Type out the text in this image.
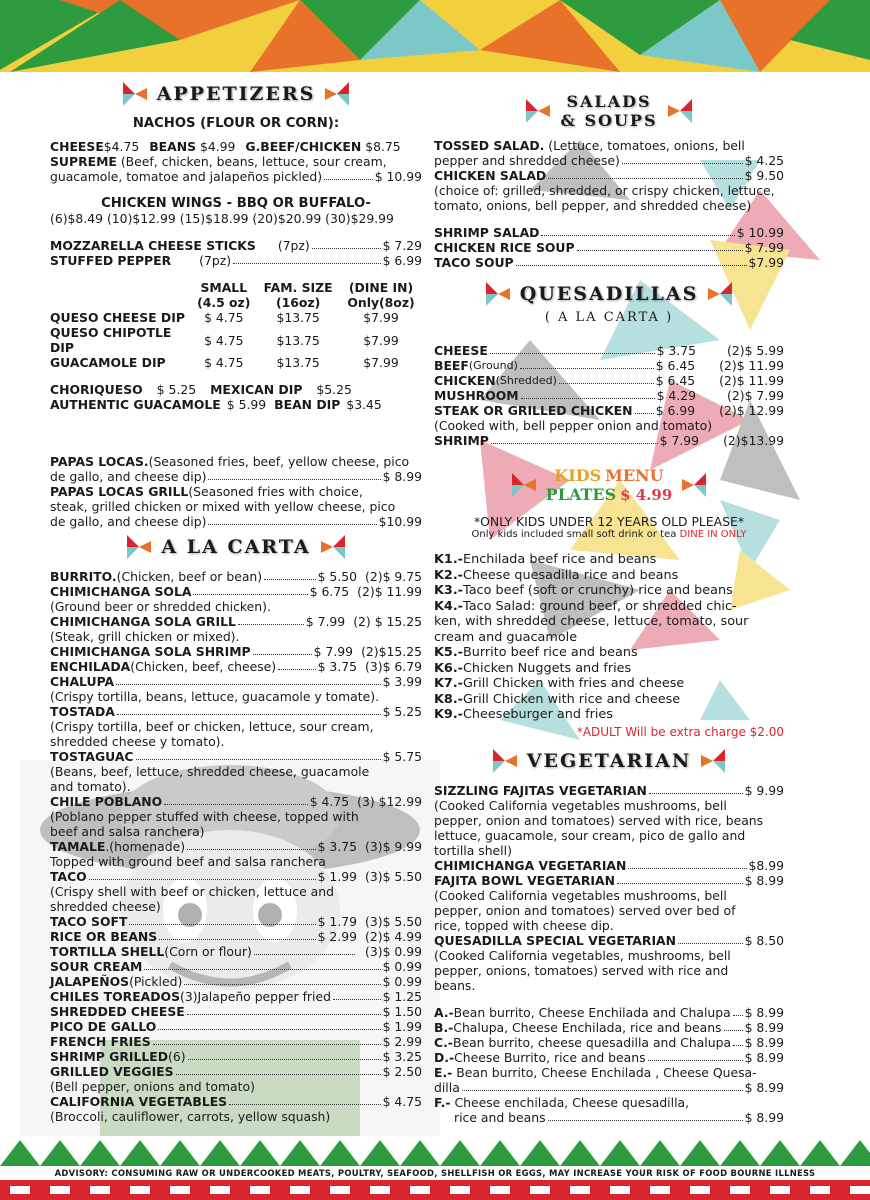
APPETIZERS
NACHOS (FLOUR OR CORN):
CHEESE$4.75 BEANS $4.99 G.BEEF/CHICKEN $8.75
SUPREME (Beef, chicken, beans, lettuce, sour cream,
guacamole, tomatoe and jalapeños pickled)	$ 10.99
CHICKEN WINGS - BBQ OR BUFFALO-
(6)$8.49 (10)$12.99 (15)$18.99 (20)$20.99 (30)$29.99
MOZZARELLA CHEESE STICKS (7pz)	$ 7.29
STUFFED PEPPER (7pz)	$ 6.99
	SMALL	FAM. SIZE	(DINE IN)
	(4.5 oz)	(16oz)	Only(8oz)
QUESO CHEESE DIP	$ 4.75	$13.75	$7.99
QUESO CHIPOTLE DIP	$ 4.75	$13.75	$7.99
GUACAMOLE DIP	$ 4.75	$13.75	$7.99
CHORIQUESO $ 5.25 MEXICAN DIP $5.25
AUTHENTIC GUACAMOLE $ 5.99 BEAN DIP $3.45
PAPAS LOCAS.(Seasoned fries, beef, yellow cheese, pico
de gallo, and cheese dip)	$ 8.99
PAPAS LOCAS GRILL(Seasoned fries with choice,
steak, grilled chicken or mixed with yellow cheese, pico
de gallo, and cheese dip)	$10.99
A LA CARTA
BURRITO. (Chicken, beef or bean)	$ 5.50 (2)$ 9.75
CHIMICHANGA SOLA	$ 6.75 (2)$ 11.99
(Ground beer or shredded chicken).
CHIMICHANGA SOLA GRILL	$ 7.99 (2) $ 15.25
(Steak, grill chicken or mixed).
CHIMICHANGA SOLA SHRIMP	$ 7.99 (2)$15.25
ENCHILADA (Chicken, beef, cheese)	$ 3.75 (3)$ 6.79
CHALUPA	$ 3.99
(Crispy tortilla, beans, lettuce, guacamole y tomate).
TOSTADA	$ 5.25
(Crispy tortilla, beef or chicken, lettuce, sour cream,
shredded cheese y tomato).
TOSTAGUAC	$ 5.75
(Beans, beef, lettuce, shredded cheese, guacamole
and tomato).
CHILE POBLANO	$ 4.75 (3) $12.99
(Poblano pepper stuffed with cheese, topped with
beef and salsa ranchera)
TAMALE .(homenade)	$ 3.75 (3)$ 9.99
Topped with ground beef and salsa ranchera
TACO	$ 1.99 (3)$ 5.50
(Crispy shell with beef or chicken, lettuce and
shredded cheese)
TACO SOFT	$ 1.79 (3)$ 5.50
RICE OR BEANS	$ 2.99 (2)$ 4.99
TORTILLA SHELL (Corn or flour)	(3)$ 0.99
SOUR CREAM	$ 0.99
JALAPEÑOS (Pickled)	$ 0.99
CHILES TOREADOS (3)Jalapeño pepper fried	$ 1.25
SHREDDED CHEESE	$ 1.50
PICO DE GALLO	$ 1.99
FRENCH FRIES	$ 2.99
SHRIMP GRILLED (6)	$ 3.25
GRILLED VEGGIES	$ 2.50
(Bell pepper, onions and tomato)
CALIFORNIA VEGETABLES	$ 4.75
(Broccoli, cauliflower, carrots, yellow squash)
SALADS
& SOUPS
TOSSED SALAD. (Lettuce, tomatoes, onions, bell
pepper and shredded cheese)	$ 4.25
CHICKEN SALAD	$ 9.50
(choice of: grilled, shredded, or crispy chicken, lettuce,
tomato, onions, bell pepper, and shredded cheese)
SHRIMP SALAD	$ 10.99
CHICKEN RICE SOUP	$ 7.99
TACO SOUP	$7.99
QUESADILLAS
( A LA CARTA )
CHEESE	$ 3.75	(2)$ 5.99
BEEF (Ground)	$ 6.45 (2)$ 11.99
CHICKEN (Shredded)	$ 6.45 (2)$ 11.99
MUSHROOM	$ 4.29	(2)$ 7.99
STEAK OR GRILLED CHICKEN $ 6.99 (2)$ 12.99
(Cooked with, bell pepper onion and tomato)
SHRIMP	$ 7.99 (2)$13.99
KIDS MENU
PLATES $ 4.99
*ONLY KIDS UNDER 12 YEARS OLD PLEASE*
Only kids included small soft drink or tea DINE IN ONLY
K1.-Enchilada beef rice and beans
K2.-Cheese quesadilla rice and beans
K3.-Taco beef (soft or crunchy) rice and beans
K4.-Taco Salad: ground beef, or shredded chic-
ken, with shredded cheese, lettuce, tomato, sour
cream and guacamole
K5.-Burrito beef rice and beans
K6.-Chicken Nuggets and fries
K7.-Grill Chicken with fries and cheese
K8.-Grill Chicken with rice and cheese
K9.-Cheeseburger and fries
*ADULT Will be extra charge $2.00
VEGETARIAN
SIZZLING FAJITAS VEGETARIAN	$ 9.99
(Cooked California vegetables mushrooms, bell
pepper, onion and tomatoes) served with rice, beans
lettuce, guacamole, sour cream, pico de gallo and
tortilla shell)
CHIMICHANGA VEGETARIAN	$8.99
FAJITA BOWL VEGETARIAN	$ 8.99
(Cooked California vegetables mushrooms, bell
pepper, onion and tomatoes) served over bed of
rice, topped with cheese dip.
QUESADILLA SPECIAL VEGETARIAN	$ 8.50
(Cooked California vegetables, mushrooms, bell
pepper, onions, tomatoes) served with rice and
beans.
A.- Bean burrito, Cheese Enchilada and Chalupa $ 8.99
B.- Chalupa, Cheese Enchilada, rice and beans $ 8.99
C.- Bean burrito, cheese quesadilla and Chalupa $ 8.99
D.- Cheese Burrito, rice and beans	$ 8.99
E.- Bean burrito, Cheese Enchilada , Cheese Quesa-
dilla	$ 8.99
F.- Cheese enchilada, Cheese quesadilla,
rice and beans	$ 8.99
ADVISORY: CONSUMING RAW OR UNDERCOOKED MEATS, POULTRY, SEAFOOD, SHELLFISH OR EGGS, MAY INCREASE YOUR RISK OF FOOD BOURNE ILLNESS
